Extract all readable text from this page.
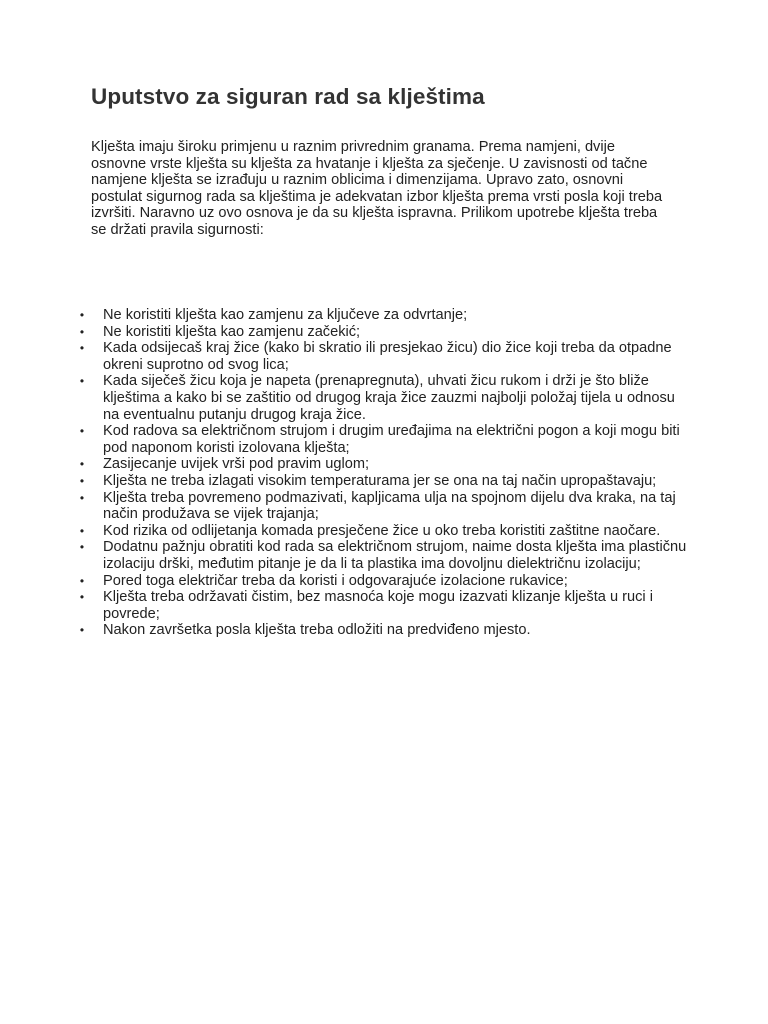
Uputstvo za siguran rad sa klještima

Klješta imaju široku primjenu u raznim privrednim granama. Prema namjeni, dvije osnovne vrste klješta su klješta za hvatanje i klješta za sječenje. U zavisnosti od tačne namjene klješta se izrađuju u raznim oblicima i dimenzijama. Upravo zato, osnovni postulat sigurnog rada sa klještima je adekvatan izbor klješta prema vrsti posla koji treba izvršiti. Naravno uz ovo osnova je da su klješta ispravna. Prilikom upotrebe klješta treba se držati pravila sigurnosti:

• Ne koristiti klješta kao zamjenu za ključeve za odvrtanje;
• Ne koristiti klješta kao zamjenu začekić;
• Kada odsijecaš kraj žice (kako bi skratio ili presjekao žicu) dio žice koji treba da otpadne okreni suprotno od svog lica;
• Kada siječeš žicu koja je napeta (prenapregnuta), uhvati žicu rukom i drži je što bliže klještima a kako bi se zaštitio od drugog kraja žice zauzmi najbolji položaj tijela u odnosu na eventualnu putanju drugog kraja žice.
• Kod radova sa električnom strujom i drugim uređajima na električni pogon a koji mogu biti pod naponom koristi izolovana klješta;
• Zasijecanje uvijek vrši pod pravim uglom;
• Klješta ne treba izlagati visokim temperaturama jer se ona na taj način upropaštavaju;
• Klješta treba povremeno podmazivati, kapljicama ulja na spojnom dijelu dva kraka, na taj način produžava se vijek trajanja;
• Kod rizika od odlijetanja komada presječene žice u oko treba koristiti zaštitne naočare.
• Dodatnu pažnju obratiti kod rada sa električnom strujom, naime dosta klješta ima plastičnu izolaciju drški, međutim pitanje je da li ta plastika ima dovoljnu dielektričnu izolaciju;
• Pored toga električar treba da koristi i odgovarajuće izolacione rukavice;
• Klješta treba održavati čistim, bez masnoća koje mogu izazvati klizanje klješta u ruci i povrede;
• Nakon završetka posla klješta treba odložiti na predviđeno mjesto.
